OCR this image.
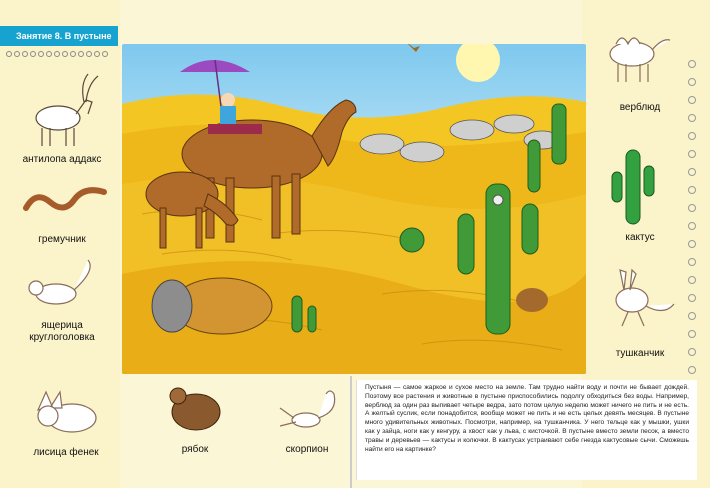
Занятие 8. В пустыне
антилопа аддакс
гремучник
ящерица
круглоголовка
лисица фенек	рябок	скорпион
верблюд
кактус
тушканчик

Пустыня — самое жаркое и сухое место на земле. Там трудно найти воду и почти не бывает дождей. Поэтому все растения и животные в пустыне приспособились подолгу обходиться без воды. Например, верблюд за один раз выпивает четыре ведра, зато потом целую неделю может ничего не пить и не есть. А желтый суслик, если понадобится, вообще может не пить и не есть целых девять месяцев. В пустыне много удивительных животных. Посмотри, например, на тушканчика. У него тельце как у мышки, ушки как у зайца, ноги как у кенгуру, а хвост как у льва, с кисточкой. В пустыне вместо земли песок, а вместо травы и деревьев — кактусы и колючки. В кактусах устраивают себе гнезда кактусовые сычи. Сможешь найти его на картинке?
